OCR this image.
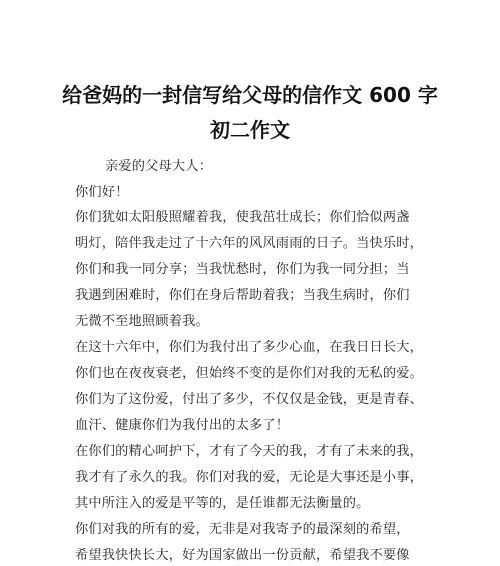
给爸妈的一封信写给父母的信作文 600 字
初二作文
亲爱的父母大人：
你们好！
你们犹如太阳般照耀着我，使我茁壮成长；你们恰似两盏
明灯，陪伴我走过了十六年的风风雨雨的日子。当快乐时，
你们和我一同分享；当我忧愁时，你们为我一同分担；当
我遇到困难时，你们在身后帮助着我；当我生病时，你们
无微不至地照顾着我。
在这十六年中，你们为我付出了多少心血，在我日日长大，
你们也在夜夜衰老，但始终不变的是你们对我的无私的爱。
你们为了这份爱，付出了多少，不仅仅是金钱，更是青春、
血汗、健康你们为我付出的太多了！
在你们的精心呵护下，才有了今天的我，才有了未来的我，
我才有了永久的我。你们对我的爱，无论是大事还是小事，
其中所注入的爱是平等的，是任谁都无法衡量的。
你们对我的所有的爱，无非是对我寄予的最深刻的希望，
希望我快快长大，好为国家做出一份贡献，希望我不要像
